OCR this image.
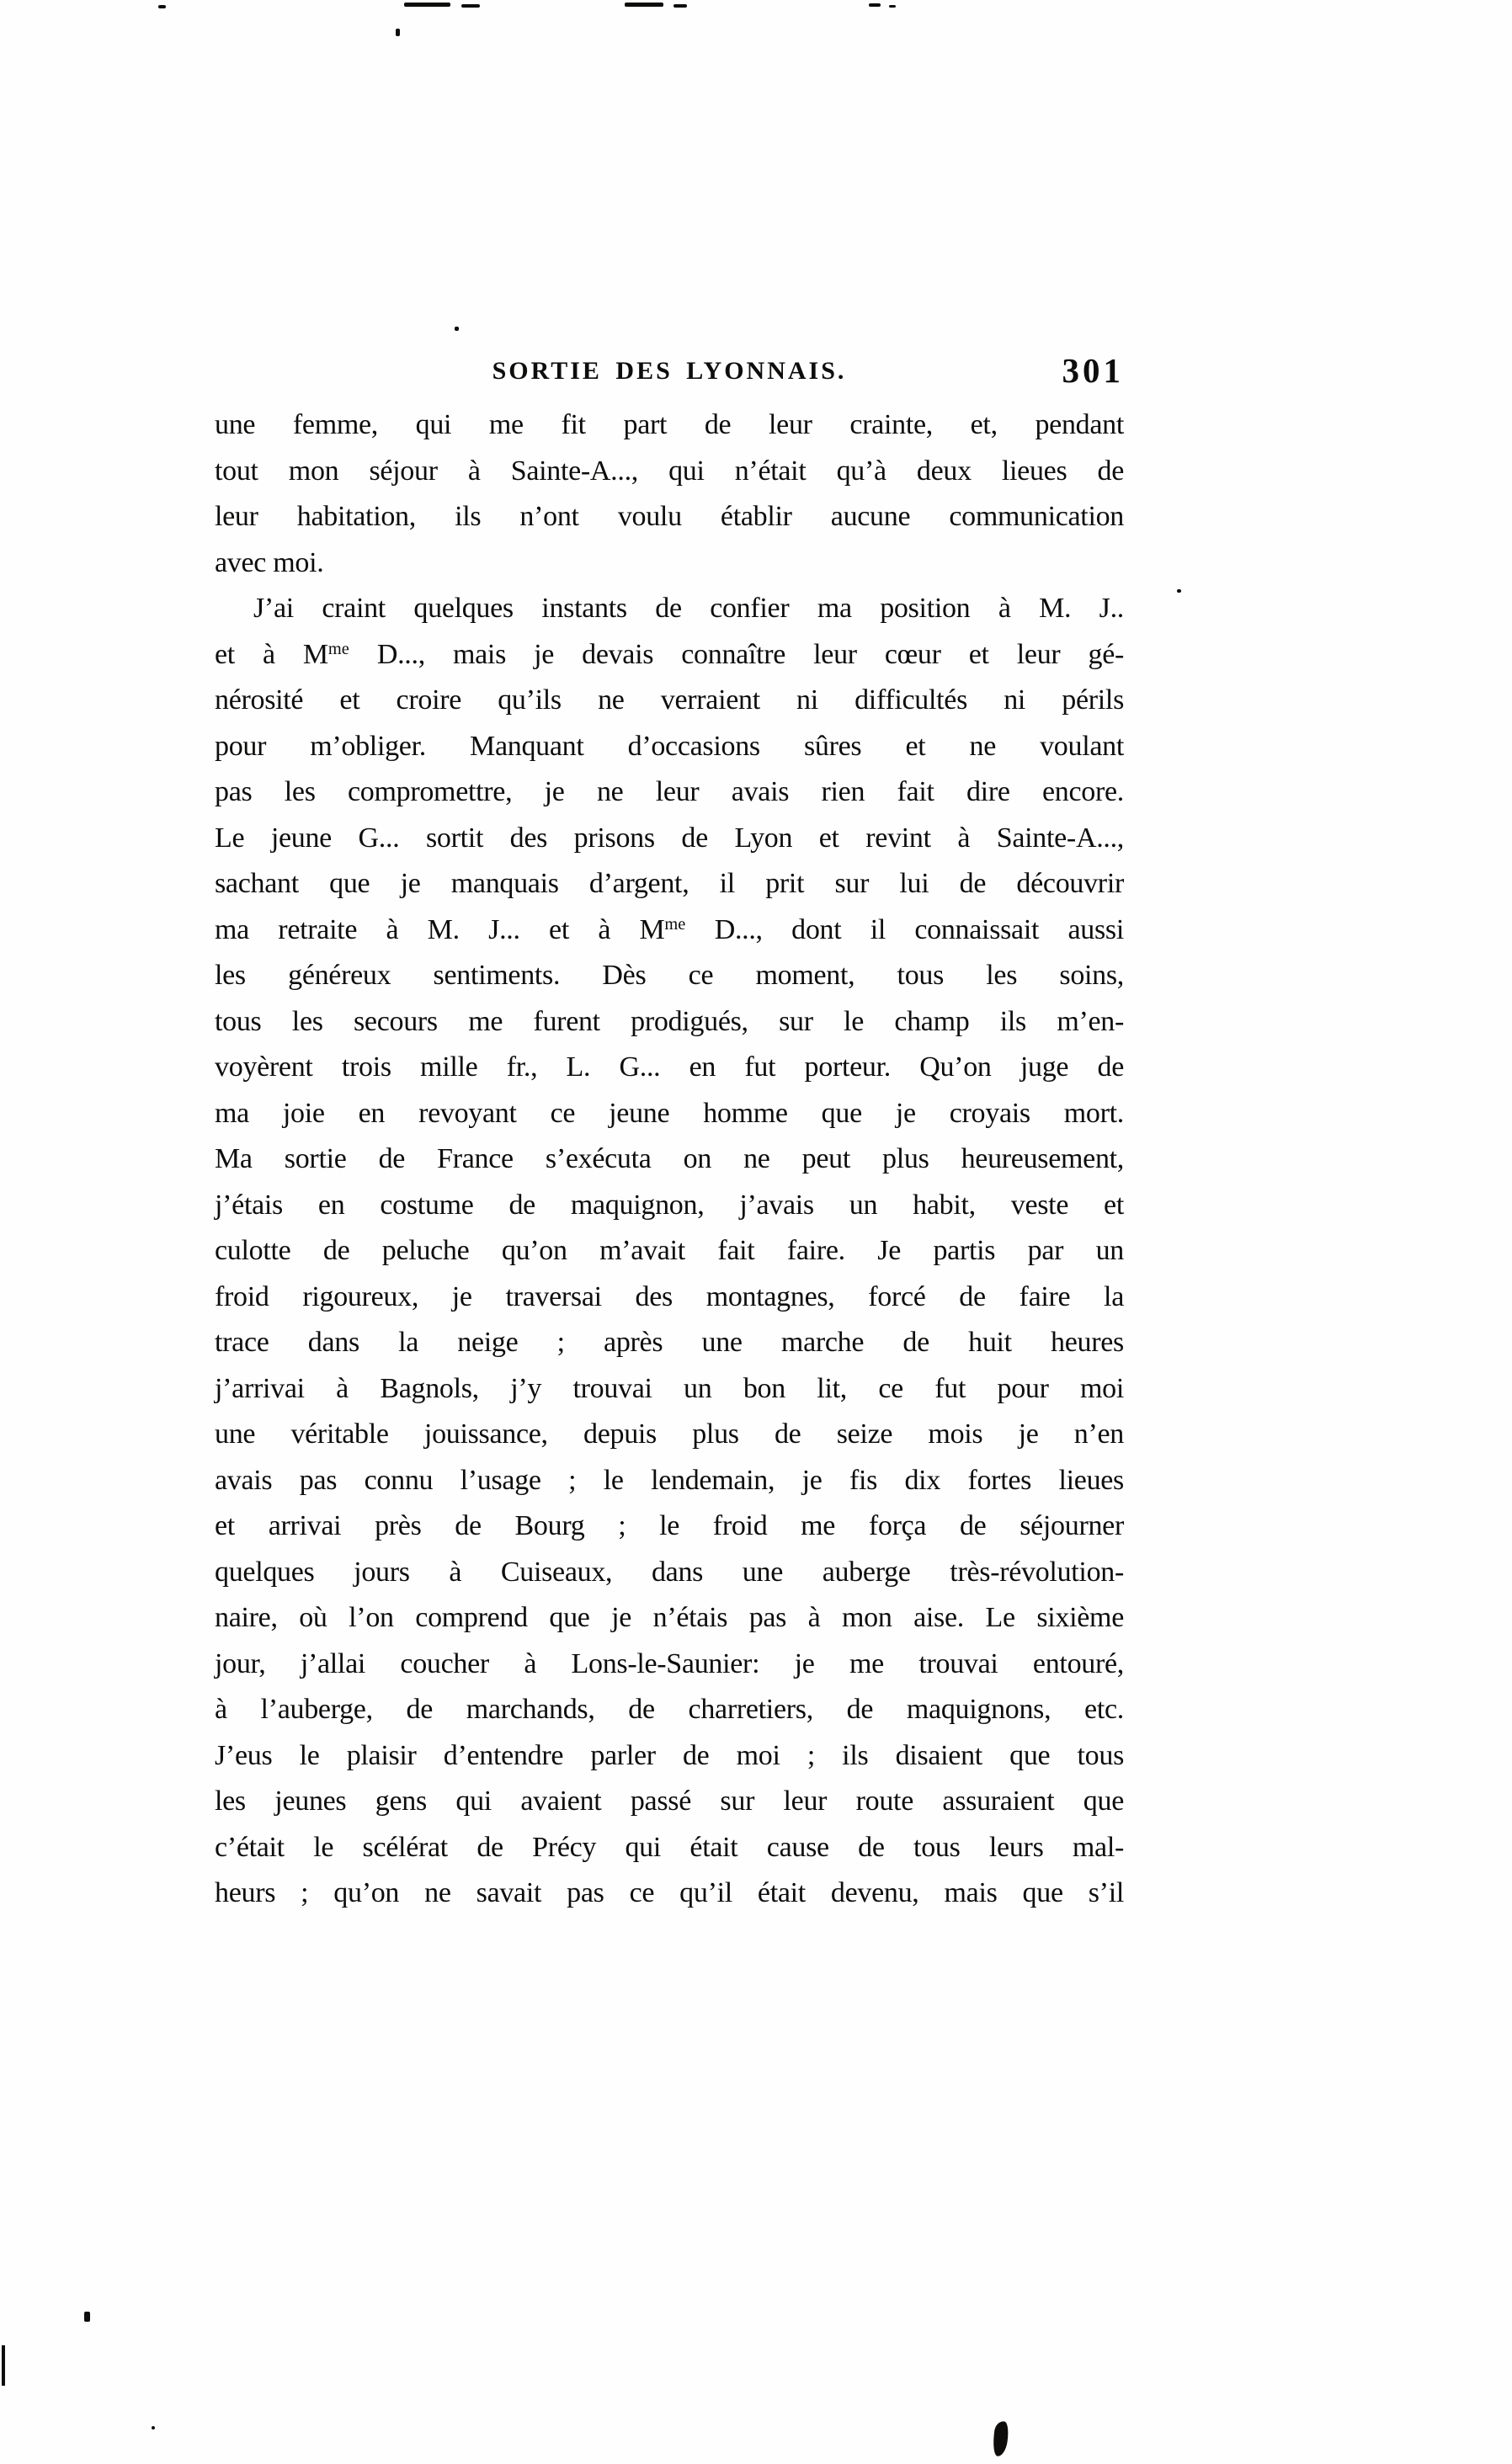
SORTIE DES LYONNAIS.	301
une femme, qui me fit part de leur crainte, et, pendant
tout mon séjour à Sainte-A..., qui n’était qu’à deux lieues de
leur habitation, ils n’ont voulu établir aucune communication
avec moi.
J’ai craint quelques instants de confier ma position à M. J..
et à $M^{me}$ D..., mais je devais connaître leur cœur et leur gé-
nérosité et croire qu’ils ne verraient ni difficultés ni périls
pour m’obliger. Manquant d’occasions sûres et ne voulant
pas les compromettre, je ne leur avais rien fait dire encore.
Le jeune G... sortit des prisons de Lyon et revint à Sainte-A...,
sachant que je manquais d’argent, il prit sur lui de découvrir
ma retraite à M. J... et à $M^{me}$ D..., dont il connaissait aussi
les généreux sentiments. Dès ce moment, tous les soins,
tous les secours me furent prodigués, sur le champ ils m’en-
voyèrent trois mille fr., L. G... en fut porteur. Qu’on juge de
ma joie en revoyant ce jeune homme que je croyais mort.
Ma sortie de France s’exécuta on ne peut plus heureusement,
j’étais en costume de maquignon, j’avais un habit, veste et
culotte de peluche qu’on m’avait fait faire. Je partis par un
froid rigoureux, je traversai des montagnes, forcé de faire la
trace dans la neige ; après une marche de huit heures
j’arrivai à Bagnols, j’y trouvai un bon lit, ce fut pour moi
une véritable jouissance, depuis plus de seize mois je n’en
avais pas connu l’usage ; le lendemain, je fis dix fortes lieues
et arrivai près de Bourg ; le froid me força de séjourner
quelques jours à Cuiseaux, dans une auberge très-révolution-
naire, où l’on comprend que je n’étais pas à mon aise. Le sixième
jour, j’allai coucher à Lons-le-Saunier: je me trouvai entouré,
à l’auberge, de marchands, de charretiers, de maquignons, etc.
J’eus le plaisir d’entendre parler de moi ; ils disaient que tous
les jeunes gens qui avaient passé sur leur route assuraient que
c’était le scélérat de Précy qui était cause de tous leurs mal-
heurs ; qu’on ne savait pas ce qu’il était devenu, mais que s’il
